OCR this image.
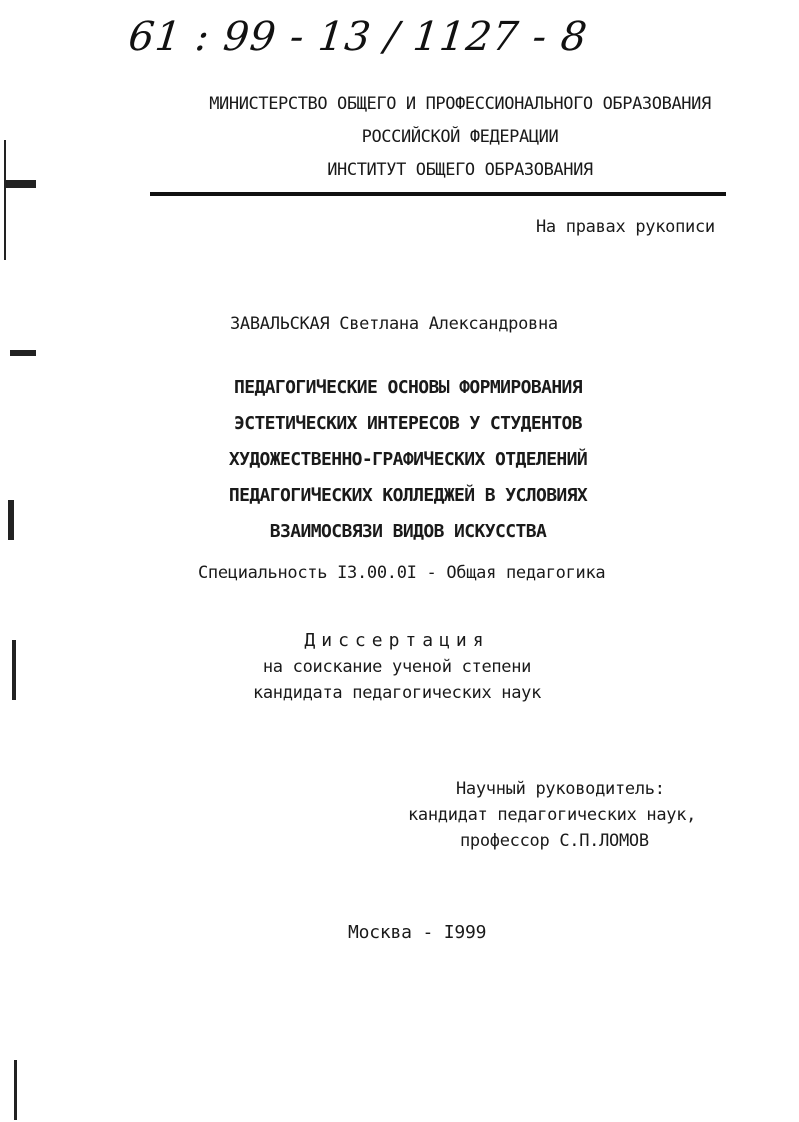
61 : 99 - 13 / 1127 - 8
МИНИСТЕРСТВО ОБЩЕГО И ПРОФЕССИОНАЛЬНОГО ОБРАЗОВАНИЯ
РОССИЙСКОЙ ФЕДЕРАЦИИ
ИНСТИТУТ ОБЩЕГО ОБРАЗОВАНИЯ
На правах рукописи
ЗАВАЛЬСКАЯ Светлана Александровна
ПЕДАГОГИЧЕСКИЕ ОСНОВЫ ФОРМИРОВАНИЯ
ЭСТЕТИЧЕСКИХ ИНТЕРЕСОВ У СТУДЕНТОВ
ХУДОЖЕСТВЕННО-ГРАФИЧЕСКИХ ОТДЕЛЕНИЙ
ПЕДАГОГИЧЕСКИХ КОЛЛЕДЖЕЙ В УСЛОВИЯХ
ВЗАИМОСВЯЗИ ВИДОВ ИСКУССТВА
Специальность I3.00.0I - Общая педагогика
Диссертация
на соискание ученой степени
кандидата педагогических наук
Научный руководитель:
кандидат педагогических наук,
профессор С.П.ЛОМОВ
Москва - I999
